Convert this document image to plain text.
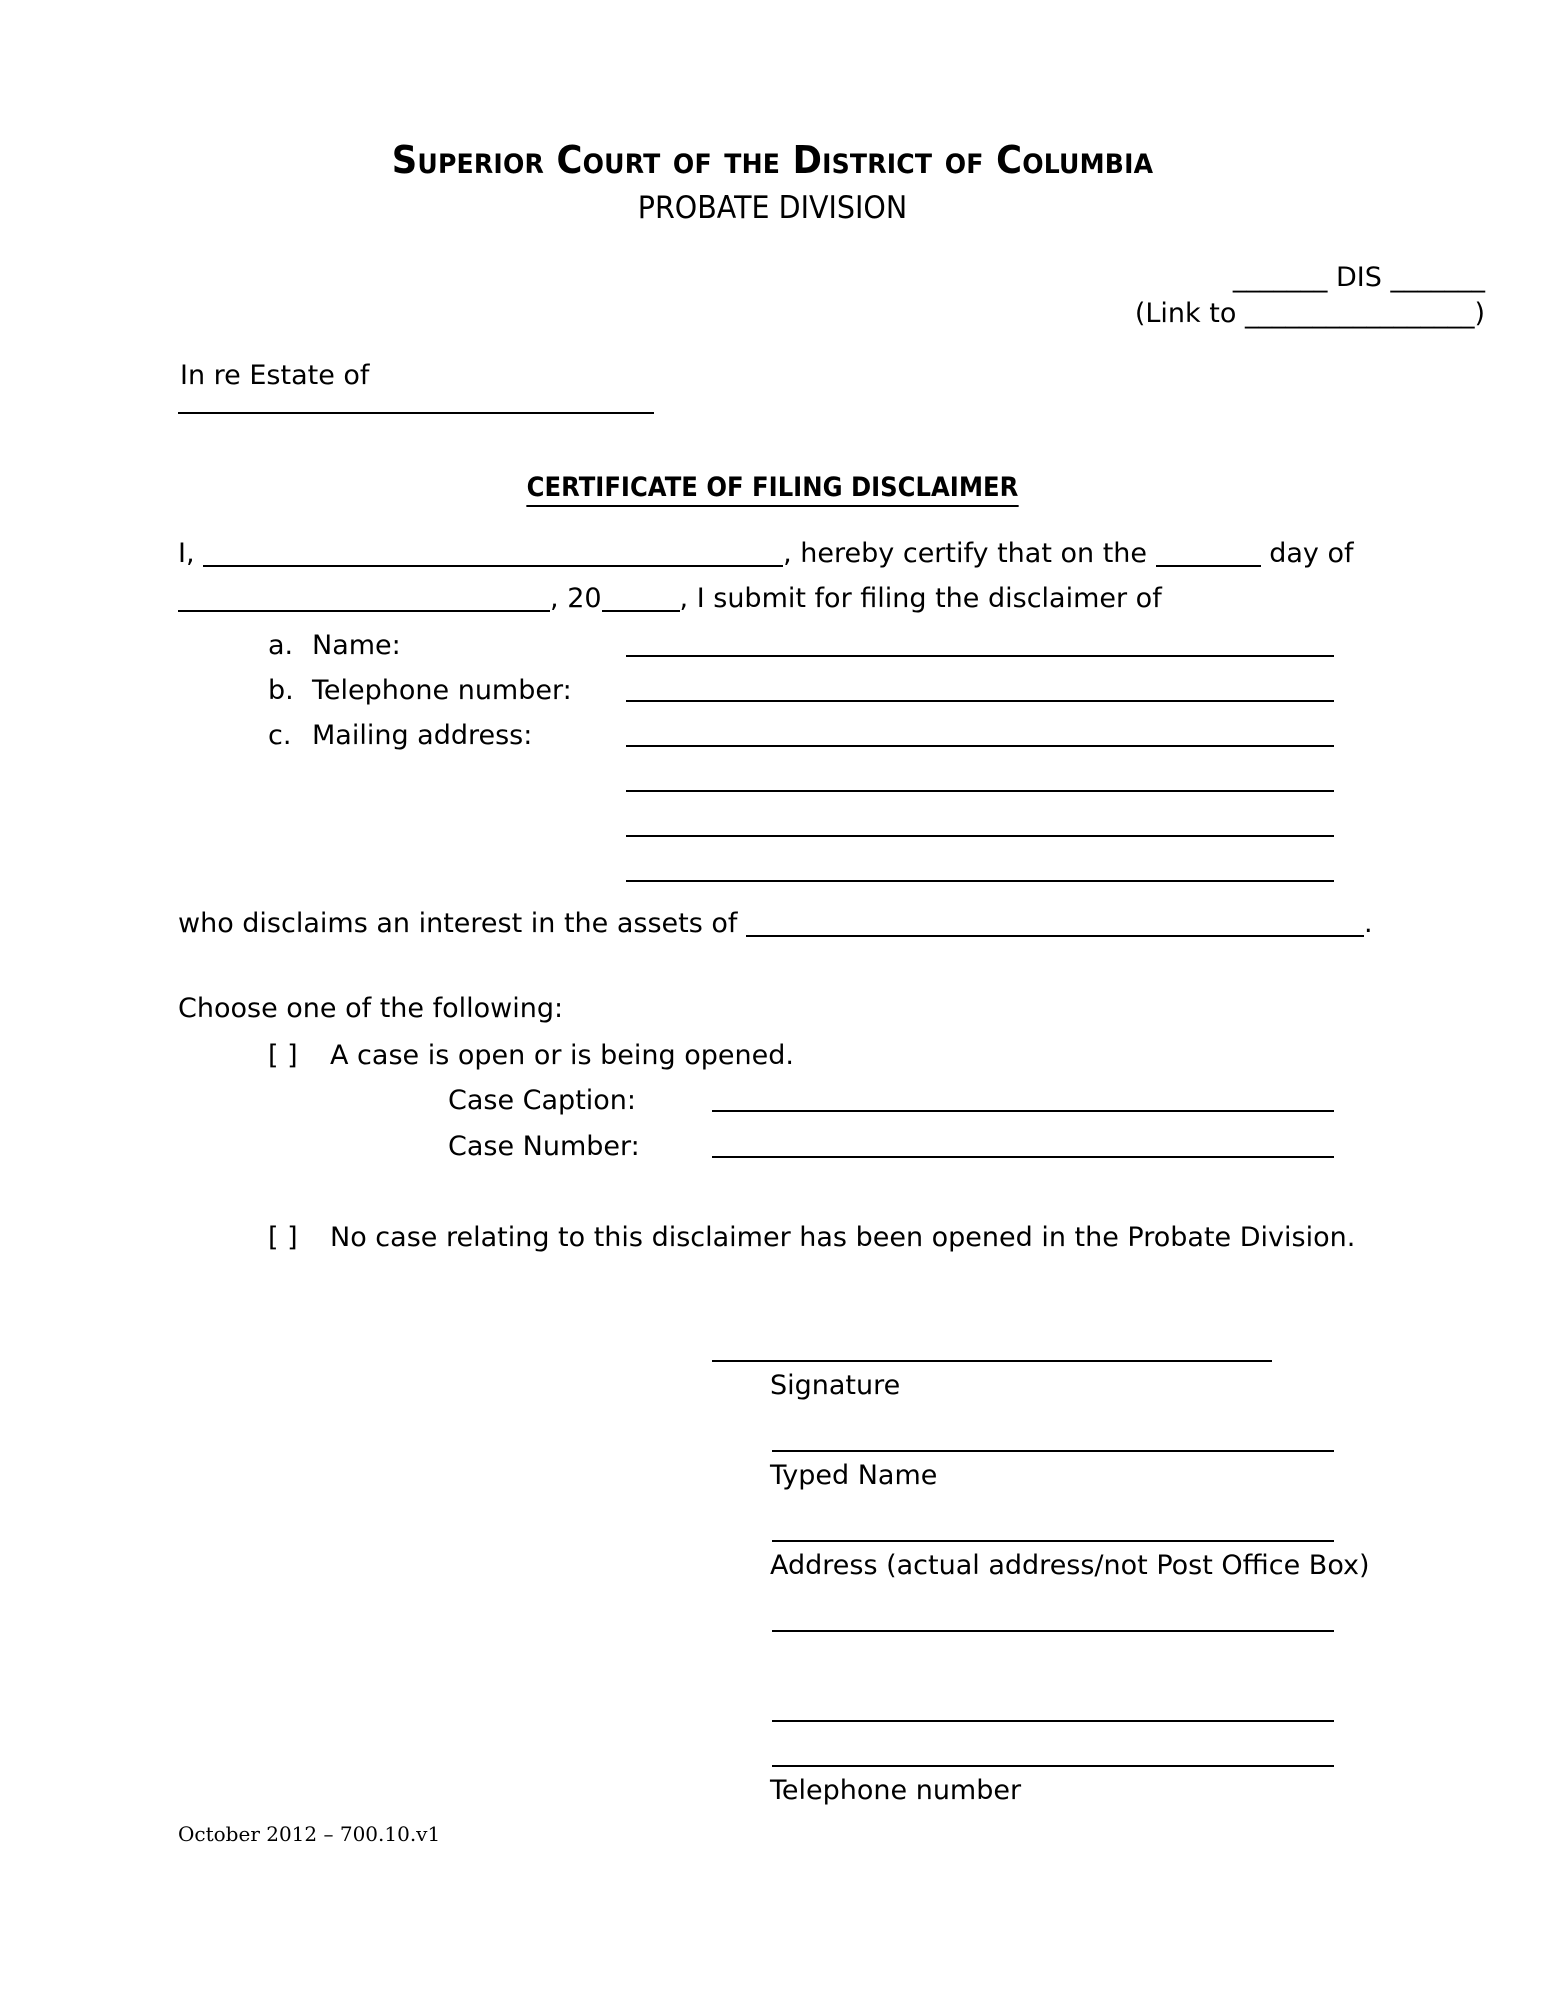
Superior Court of the District of Columbia
PROBATE DIVISION
_______ DIS _______
(Link to _________________)
In re Estate of
CERTIFICATE OF FILING DISCLAIMER
I,	, hereby certify that on the	day of
, 20	, I submit for filing the disclaimer of
a. Name:
b. Telephone number:
c. Mailing address:
who disclaims an interest in the assets of	.
Choose one of the following:
[ ] A case is open or is being opened.
Case Caption:
Case Number:
[ ] No case relating to this disclaimer has been opened in the Probate Division.
Signature
Typed Name
Address (actual address/not Post Office Box)
Telephone number
October 2012 – 700.10.v1
